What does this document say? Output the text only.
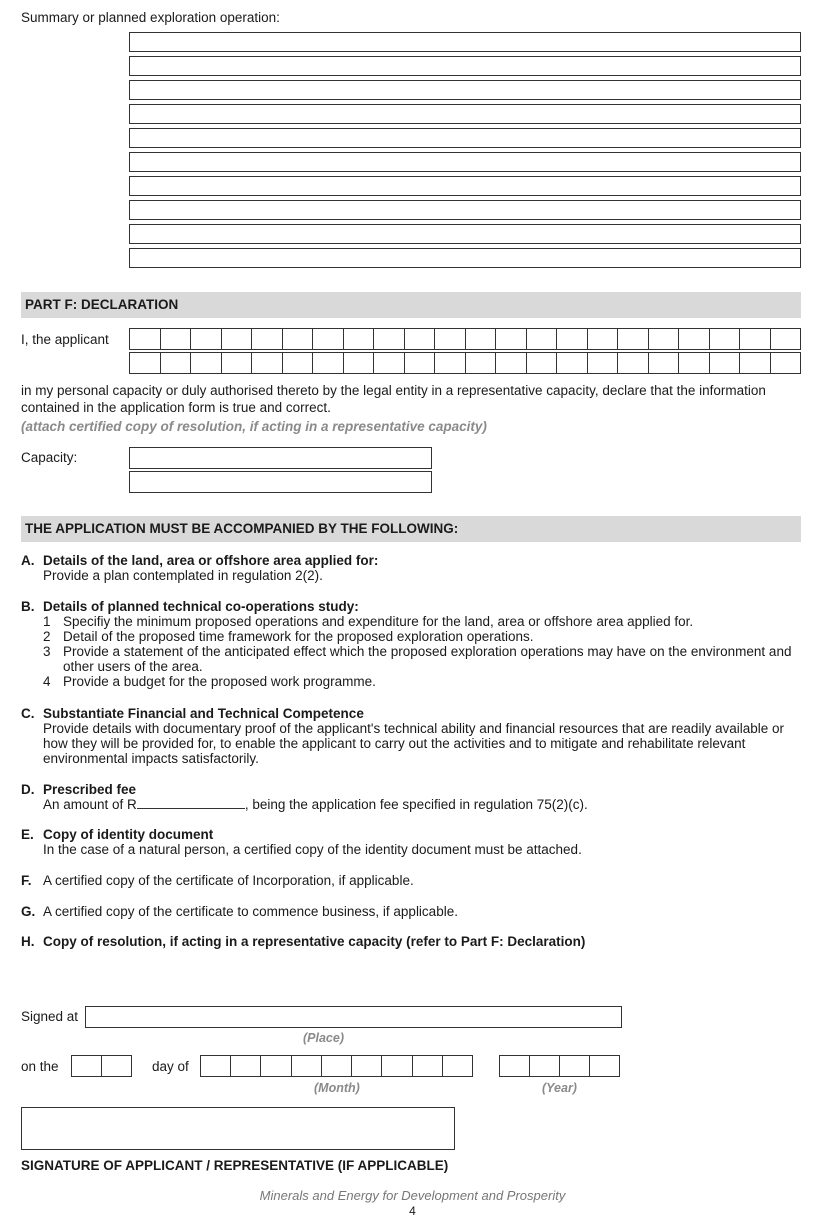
Summary or planned exploration operation:
PART F: DECLARATION
I, the applicant
in my personal capacity or duly authorised thereto by the legal entity in a representative capacity, declare that the information contained in the application form is true and correct.
(attach certified copy of resolution, if acting in a representative capacity)
Capacity:
THE APPLICATION MUST BE ACCOMPANIED BY THE FOLLOWING:
A. Details of the land, area or offshore area applied for:
Provide a plan contemplated in regulation 2(2).
B. Details of planned technical co-operations study:
1 Specifiy the minimum proposed operations and expenditure for the land, area or offshore area applied for.
2 Detail of the proposed time framework for the proposed exploration operations.
3 Provide a statement of the anticipated effect which the proposed exploration operations may have on the environment and other users of the area.
4 Provide a budget for the proposed work programme.
C. Substantiate Financial and Technical Competence
Provide details with documentary proof of the applicant's technical ability and financial resources that are readily available or how they will be provided for, to enable the applicant to carry out the activities and to mitigate and rehabilitate relevant environmental impacts satisfactorily.
D. Prescribed fee
An amount of R	, being the application fee specified in regulation 75(2)(c).
E. Copy of identity document
In the case of a natural person, a certified copy of the identity document must be attached.
F. A certified copy of the certificate of Incorporation, if applicable.
G. A certified copy of the certificate to commence business, if applicable.
H. Copy of resolution, if acting in a representative capacity (refer to Part F: Declaration)
Signed at
(Place)
on the	day of
(Month)	(Year)
SIGNATURE OF APPLICANT / REPRESENTATIVE (IF APPLICABLE)
Minerals and Energy for Development and Prosperity
4
